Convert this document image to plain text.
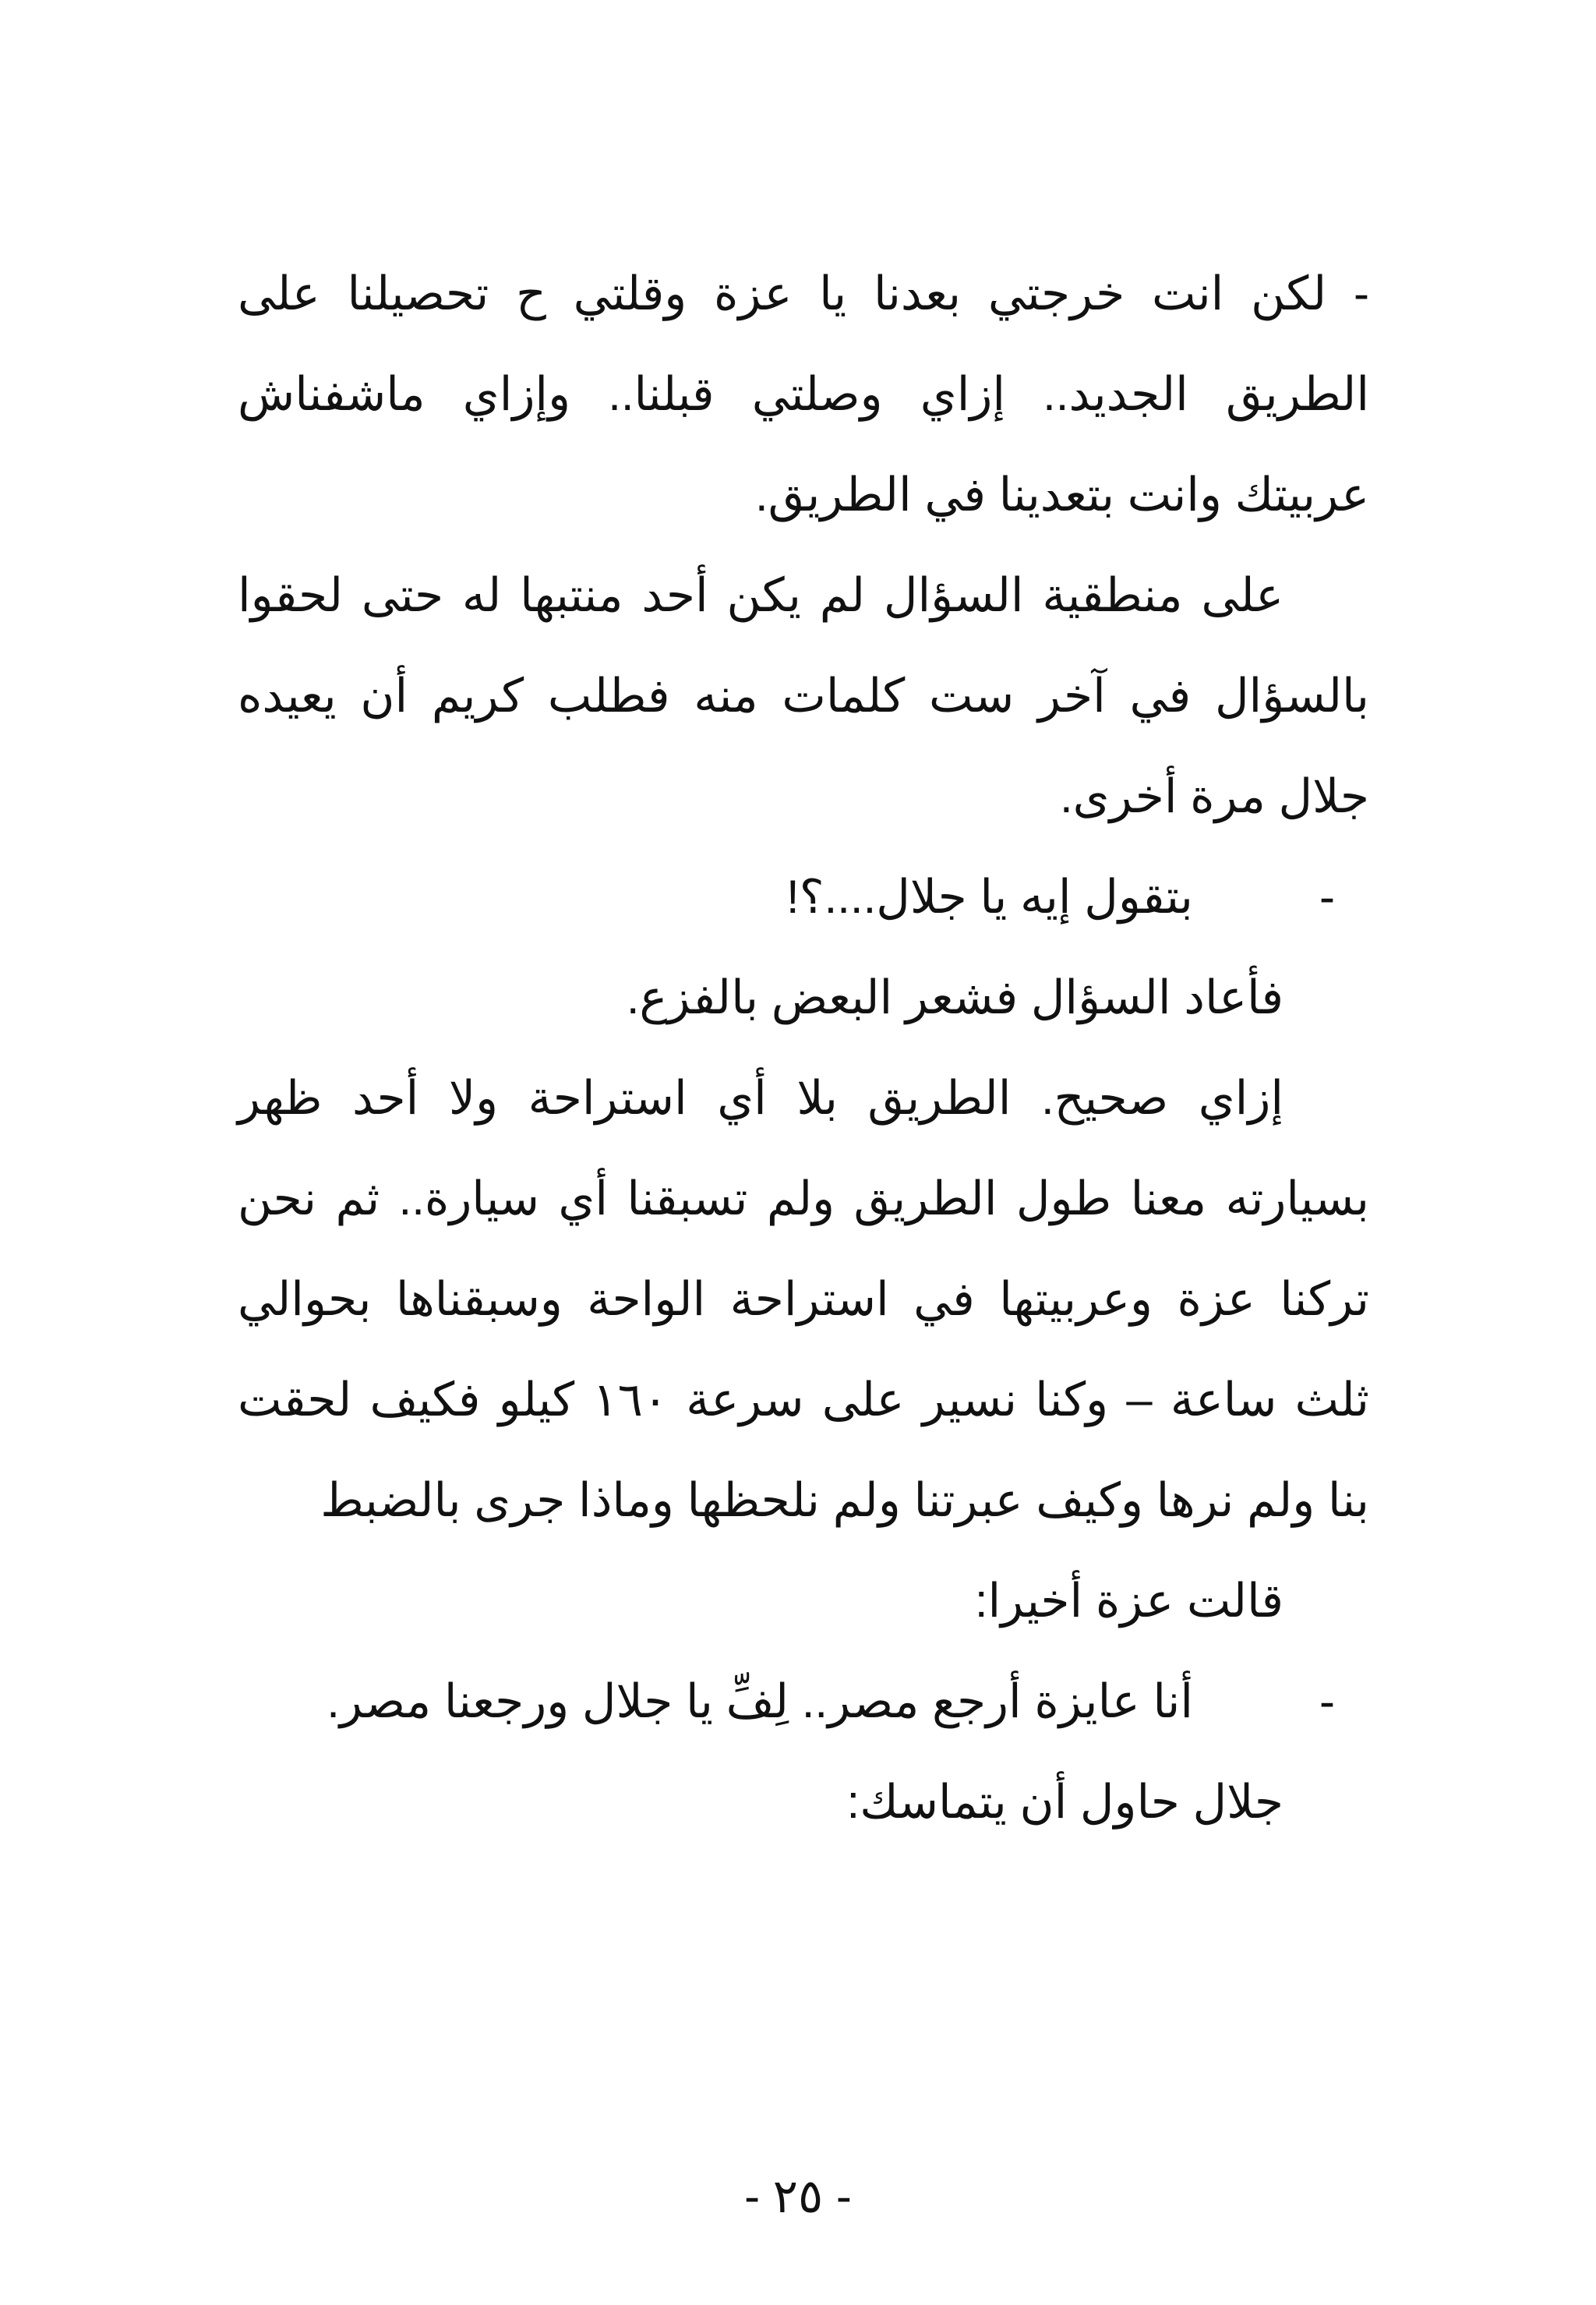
- لكن انت خرجتي بعدنا يا عزة وقلتي ح تحصيلنا على الطريق الجديد.. إزاي وصلتي قبلنا.. وإزاي ماشفناش عربيتك وانت بتعدينا في الطريق.

على منطقية السؤال لم يكن أحد منتبها له حتى لحقوا بالسؤال في آخر ست كلمات منه فطلب كريم أن يعيده جلال مرة أخرى.

-
بتقول إيه يا جلال....؟!

فأعاد السؤال فشعر البعض بالفزع.

إزاي صحيح. الطريق بلا أي استراحة ولا أحد ظهر بسيارته معنا طول الطريق ولم تسبقنا أي سيارة.. ثم نحن تركنا عزة وعربيتها في استراحة الواحة وسبقناها بحوالي ثلث ساعة – وكنا نسير على سرعة ١٦٠ كيلو فكيف لحقت بنا ولم نرها وكيف عبرتنا ولم نلحظها وماذا جرى بالضبط

قالت عزة أخيرا:

-
أنا عايزة أرجع مصر.. لِفِّ يا جلال ورجعنا مصر.

جلال حاول أن يتماسك:

- ٢٥ -
